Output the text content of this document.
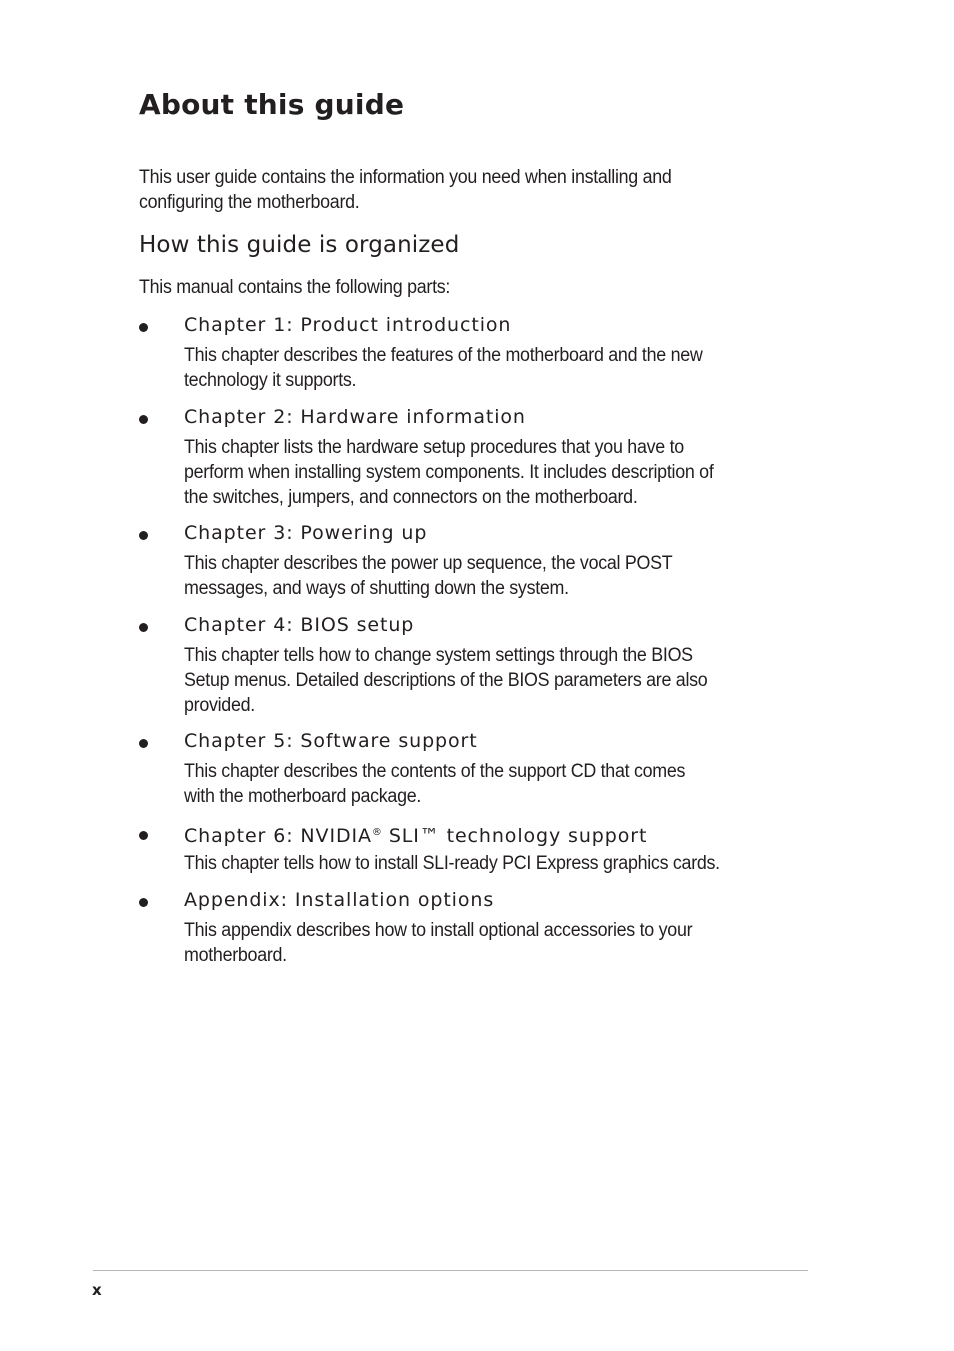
About this guide
This user guide contains the information you need when installing and
configuring the motherboard.
How this guide is organized
This manual contains the following parts:
Chapter 1: Product introduction
This chapter describes the features of the motherboard and the new
technology it supports.
Chapter 2: Hardware information
This chapter lists the hardware setup procedures that you have to
perform when installing system components. It includes description of
the switches, jumpers, and connectors on the motherboard.
Chapter 3: Powering up
This chapter describes the power up sequence, the vocal POST
messages, and ways of shutting down the system.
Chapter 4: BIOS setup
This chapter tells how to change system settings through the BIOS
Setup menus. Detailed descriptions of the BIOS parameters are also
provided.
Chapter 5: Software support
This chapter describes the contents of the support CD that comes
with the motherboard package.
Chapter 6: NVIDIA® SLI™ technology support
This chapter tells how to install SLI-ready PCI Express graphics cards.
Appendix: Installation options
This appendix describes how to install optional accessories to your
motherboard.
x
